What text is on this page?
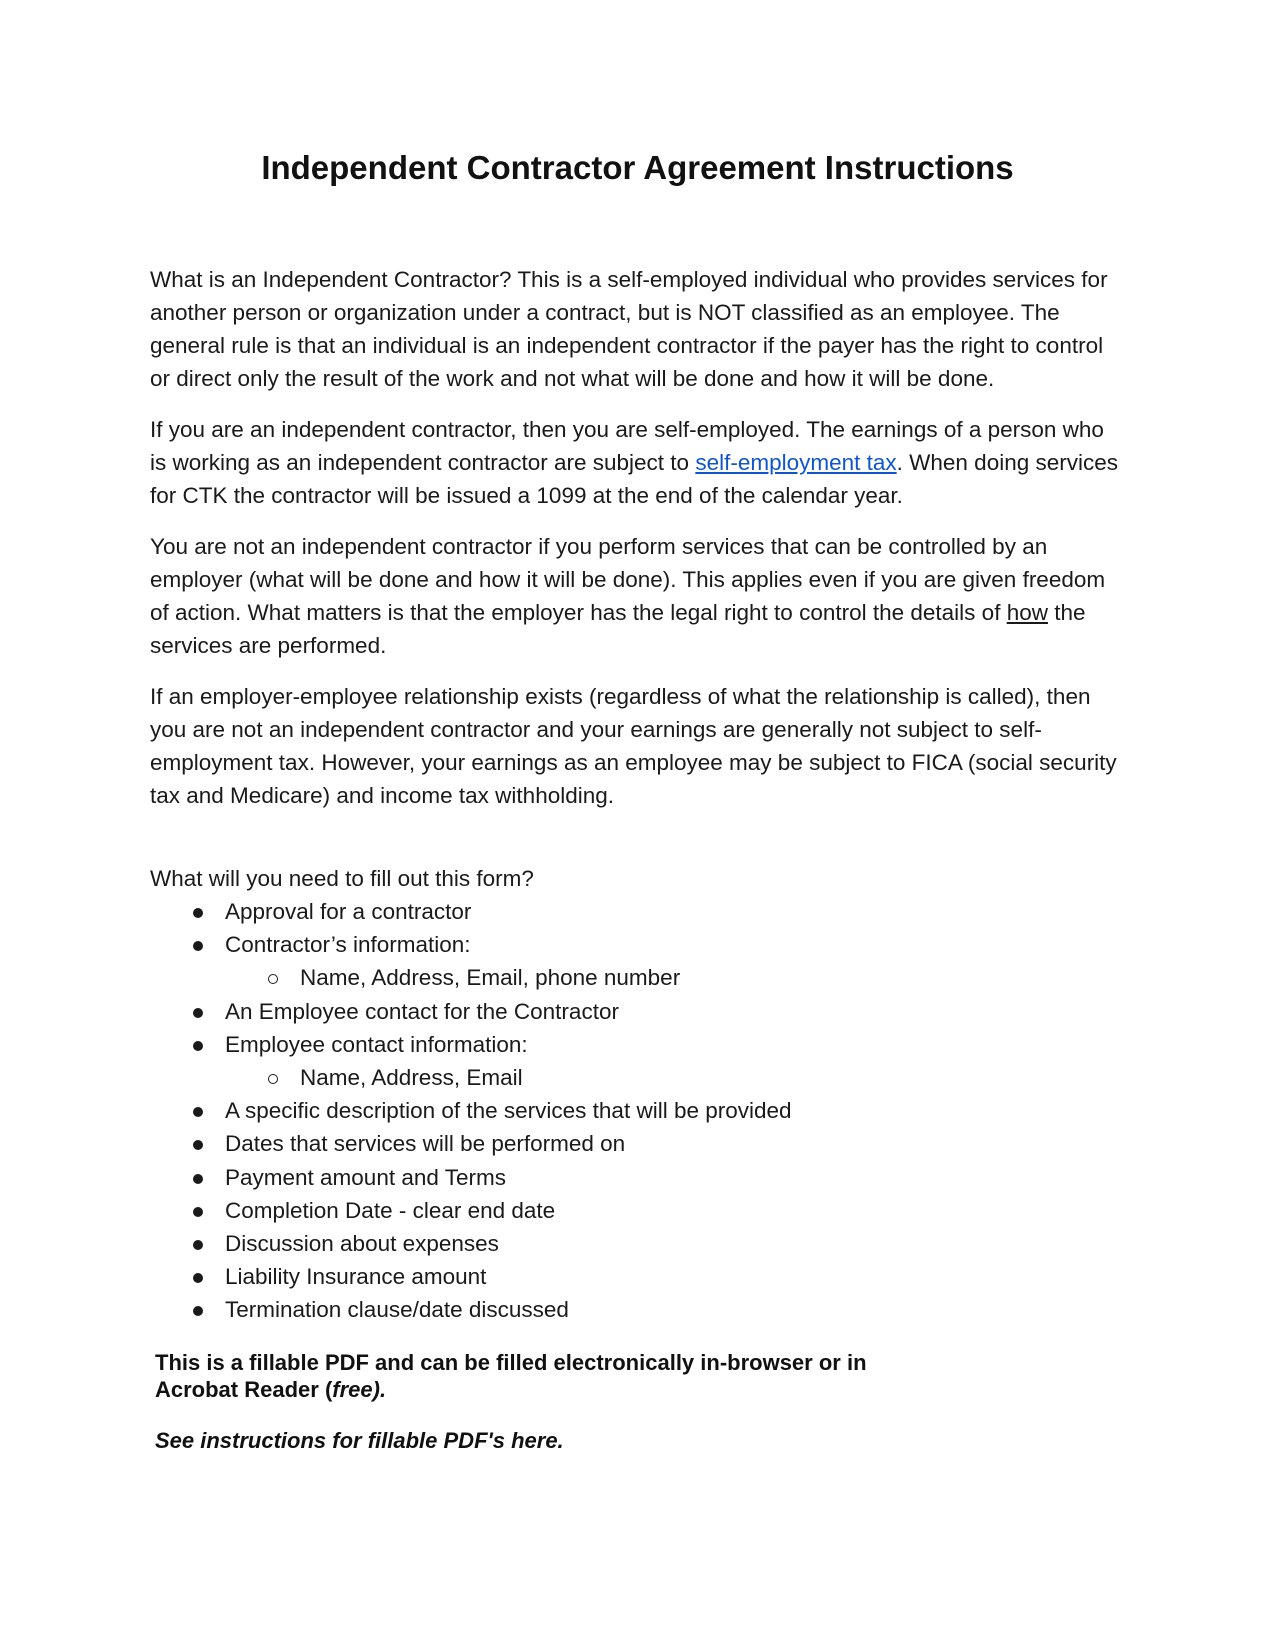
Independent Contractor Agreement Instructions

What is an Independent Contractor? This is a self-employed individual who provides services for another person or organization under a contract, but is NOT classified as an employee. The general rule is that an individual is an independent contractor if the payer has the right to control or direct only the result of the work and not what will be done and how it will be done.

If you are an independent contractor, then you are self-employed. The earnings of a person who is working as an independent contractor are subject to self-employment tax. When doing services for CTK the contractor will be issued a 1099 at the end of the calendar year.

You are not an independent contractor if you perform services that can be controlled by an employer (what will be done and how it will be done). This applies even if you are given freedom of action. What matters is that the employer has the legal right to control the details of how the services are performed.

If an employer-employee relationship exists (regardless of what the relationship is called), then you are not an independent contractor and your earnings are generally not subject to self-employment tax. However, your earnings as an employee may be subject to FICA (social security tax and Medicare) and income tax withholding.

What will you need to fill out this form?

Approval for a contractor
Contractor’s information:
Name, Address, Email, phone number
An Employee contact for the Contractor
Employee contact information:
Name, Address, Email
A specific description of the services that will be provided
Dates that services will be performed on
Payment amount and Terms
Completion Date - clear end date
Discussion about expenses
Liability Insurance amount
Termination clause/date discussed

This is a fillable PDF and can be filled electronically in-browser or in
Acrobat Reader (free).

See instructions for fillable PDF's here.
